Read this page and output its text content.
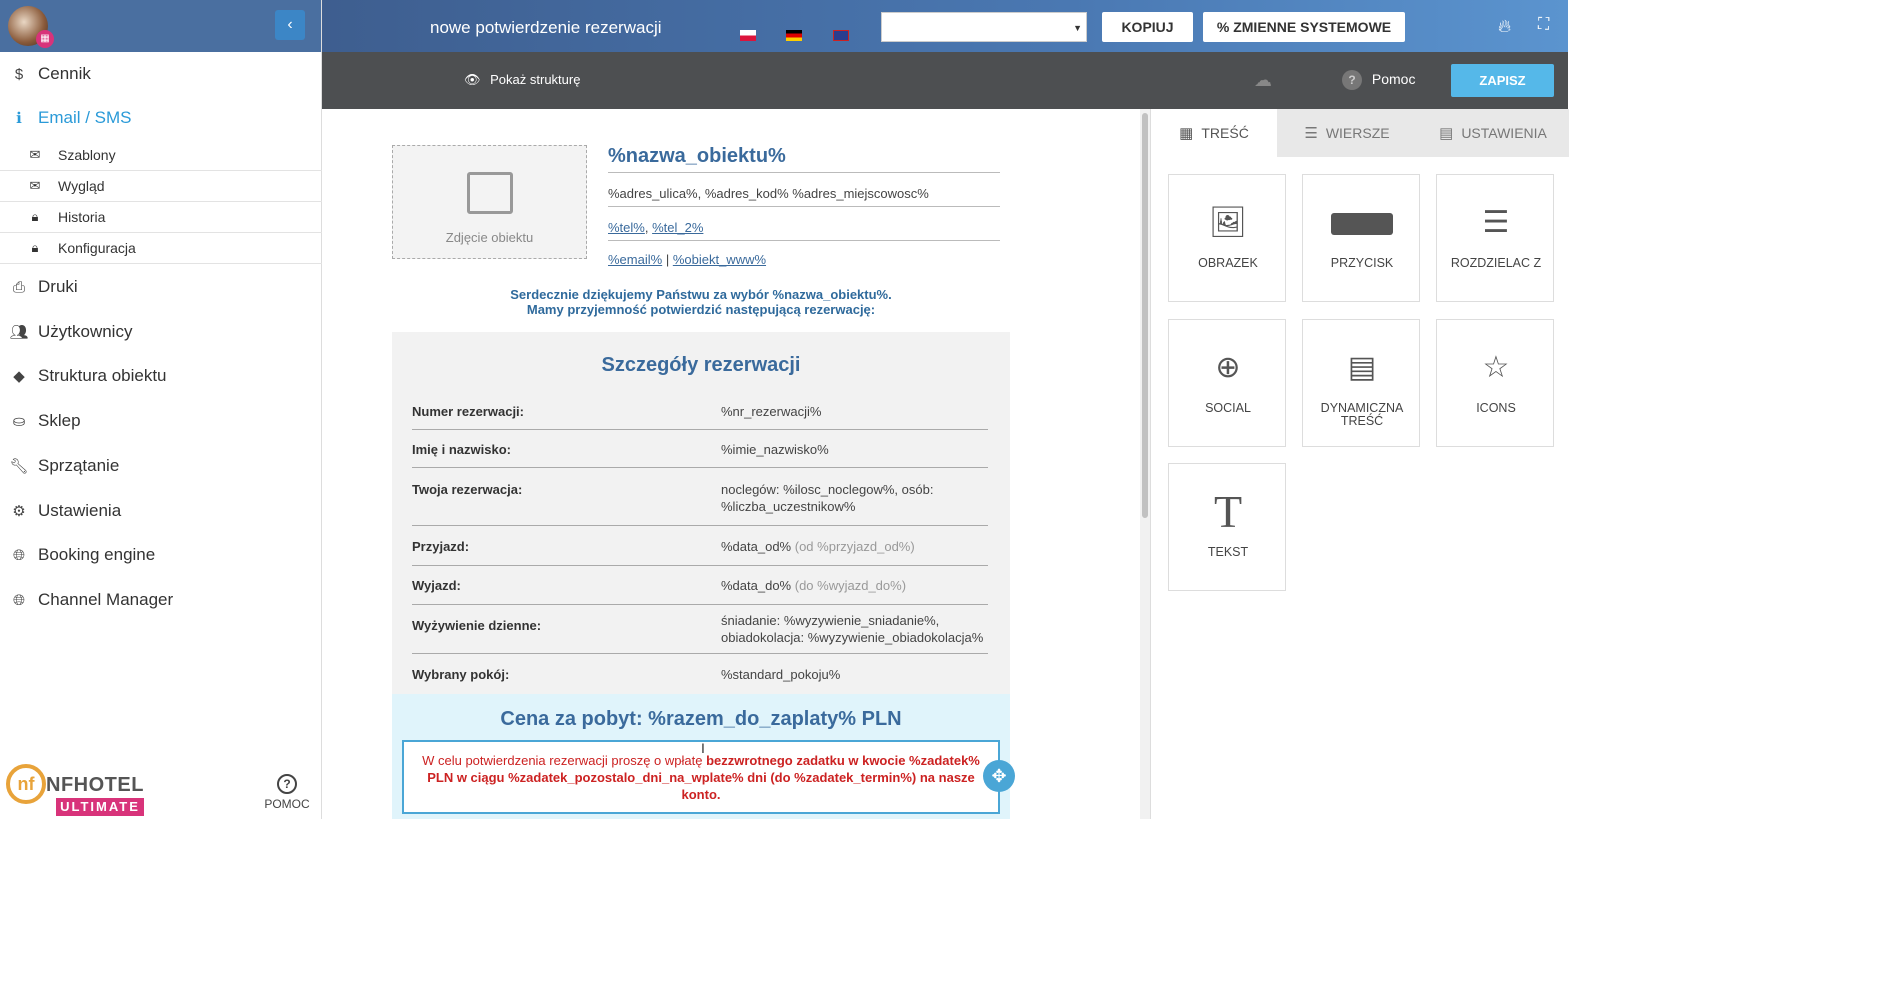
▦
‹
$ Cennik
ℹ Email / SMS
✉	Szablony
✉	Wygląd
🔒︎	Historia
🔒︎	Konfiguracja
⎙ Druki
👥︎ Użytkownicy
◆ Struktura obiektu
⛀ Sklep
🔧︎ Sprzątanie
⚙ Ustawienia
🌐︎ Booking engine
🌐︎ Channel Manager
nf NFHOTEL
ULTIMATE
?
POMOC
nowe potwierdzenie rezerwacji	▼	KOPIUJ	% ZMIENNE SYSTEMOWE	🔥︎ ⛶
👁︎ Pokaż strukturę	☁	? Pomoc	ZAPISZ
Zdjęcie obiektu
%nazwa_obiektu%
%adres_ulica%, %adres_kod% %adres_miejscowosc%
%tel%, %tel_2%
%email% | %obiekt_www%
Serdecznie dziękujemy Państwu za wybór %nazwa_obiektu%.
Mamy przyjemność potwierdzić następującą rezerwację:
Szczegóły rezerwacji
Numer rezerwacji:	%nr_rezerwacji%
Imię i nazwisko:	%imie_nazwisko%
Twoja rezerwacja:	noclegów: %ilosc_noclegow%, osób:
%liczba_uczestnikow%
Przyjazd:	%data_od% (od %przyjazd_od%)
Wyjazd:	%data_do% (do %wyjazd_do%)
Wyżywienie dzienne:	śniadanie: %wyzywienie_sniadanie%,
obiadokolacja: %wyzywienie_obiadokolacja%
Wybrany pokój:	%standard_pokoju%
Cena za pobyt: %razem_do_zaplaty% PLN
W celu potwierdzenia rezerwacji proszę o wpłatę bezzwrotnego zadatku w kwocie %zadatek%
PLN w ciągu %zadatek_pozostalo_dni_na_wplate% dni (do %zadatek_termin%) na nasze
konto.
✥
I
▦ TREŚĆ	☰ WIERSZE	▤ USTAWIENIA
🖼︎
OBRAZEK	PRZYCISK
☰
ROZDZIELAC Z
⊕
SOCIAL
▤
DYNAMICZNA TREŚĆ
☆
ICONS
T
TEKST
